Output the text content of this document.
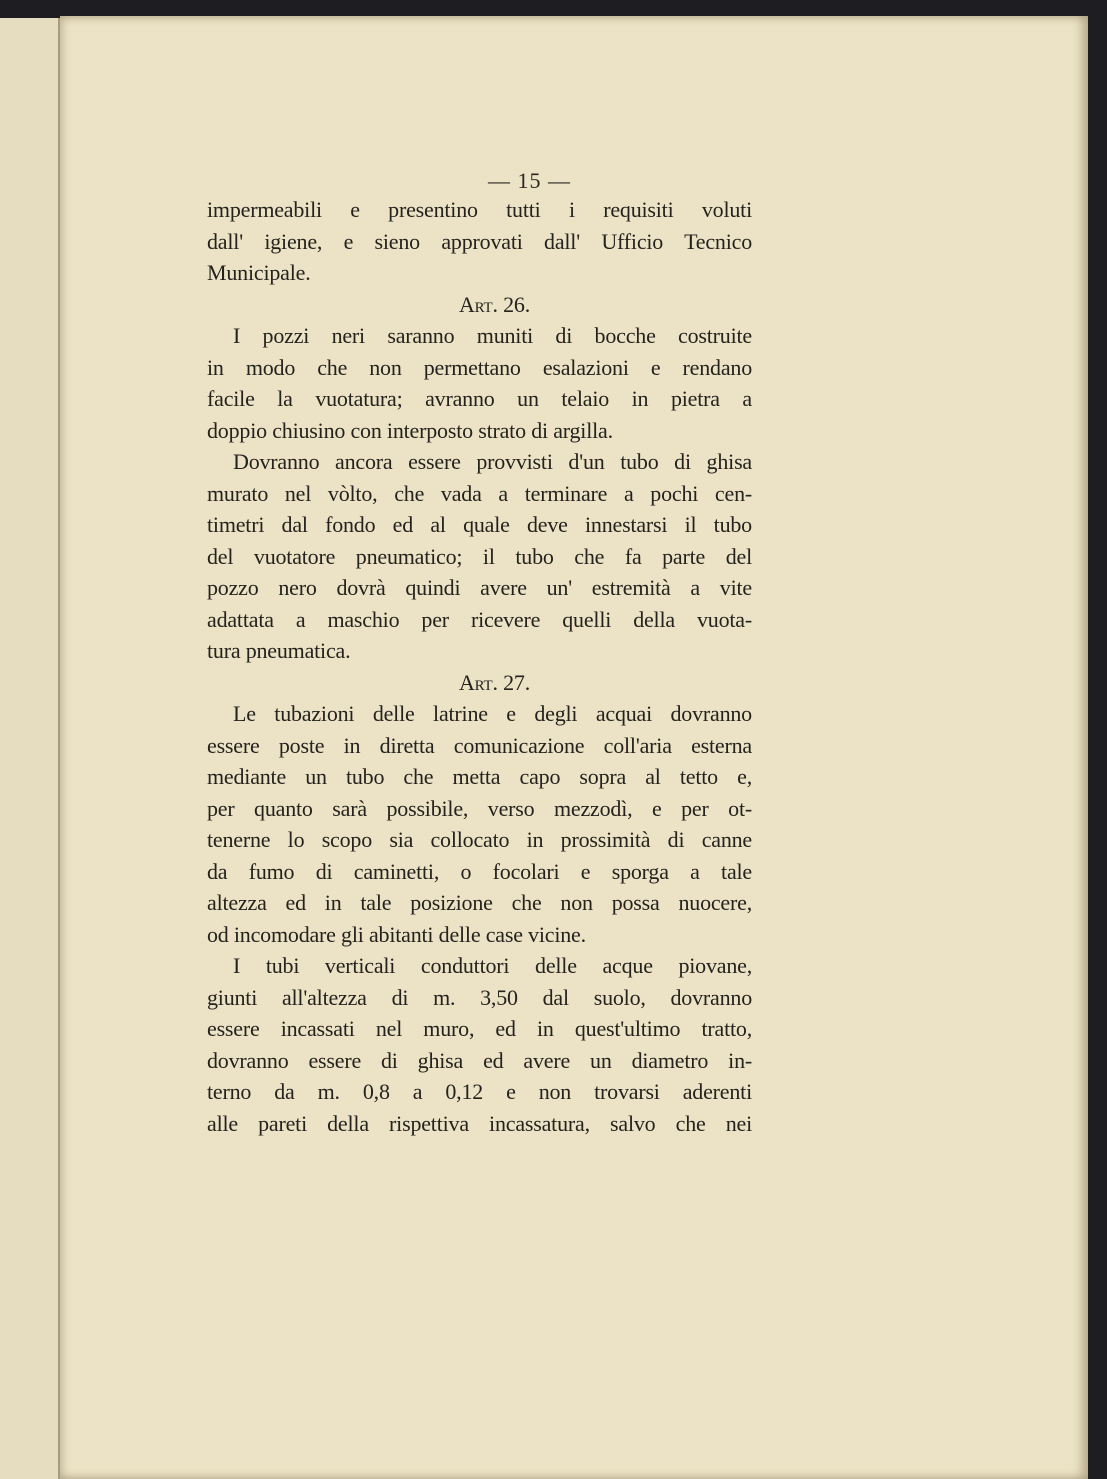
— 15 —
impermeabili e presentino tutti i requisiti voluti
dall' igiene, e sieno approvati dall' Ufficio Tecnico
Municipale.
Art. 26.
I pozzi neri saranno muniti di bocche costruite
in modo che non permettano esalazioni e rendano
facile la vuotatura; avranno un telaio in pietra a
doppio chiusino con interposto strato di argilla.
Dovranno ancora essere provvisti d'un tubo di ghisa
murato nel vòlto, che vada a terminare a pochi cen-
timetri dal fondo ed al quale deve innestarsi il tubo
del vuotatore pneumatico; il tubo che fa parte del
pozzo nero dovrà quindi avere un' estremità a vite
adattata a maschio per ricevere quelli della vuota-
tura pneumatica.
Art. 27.
Le tubazioni delle latrine e degli acquai dovranno
essere poste in diretta comunicazione coll'aria esterna
mediante un tubo che metta capo sopra al tetto e,
per quanto sarà possibile, verso mezzodì, e per ot-
tenerne lo scopo sia collocato in prossimità di canne
da fumo di caminetti, o focolari e sporga a tale
altezza ed in tale posizione che non possa nuocere,
od incomodare gli abitanti delle case vicine.
I tubi verticali conduttori delle acque piovane,
giunti all'altezza di m. 3,50 dal suolo, dovranno
essere incassati nel muro, ed in quest'ultimo tratto,
dovranno essere di ghisa ed avere un diametro in-
terno da m. 0,8 a 0,12 e non trovarsi aderenti
alle pareti della rispettiva incassatura, salvo che nei
